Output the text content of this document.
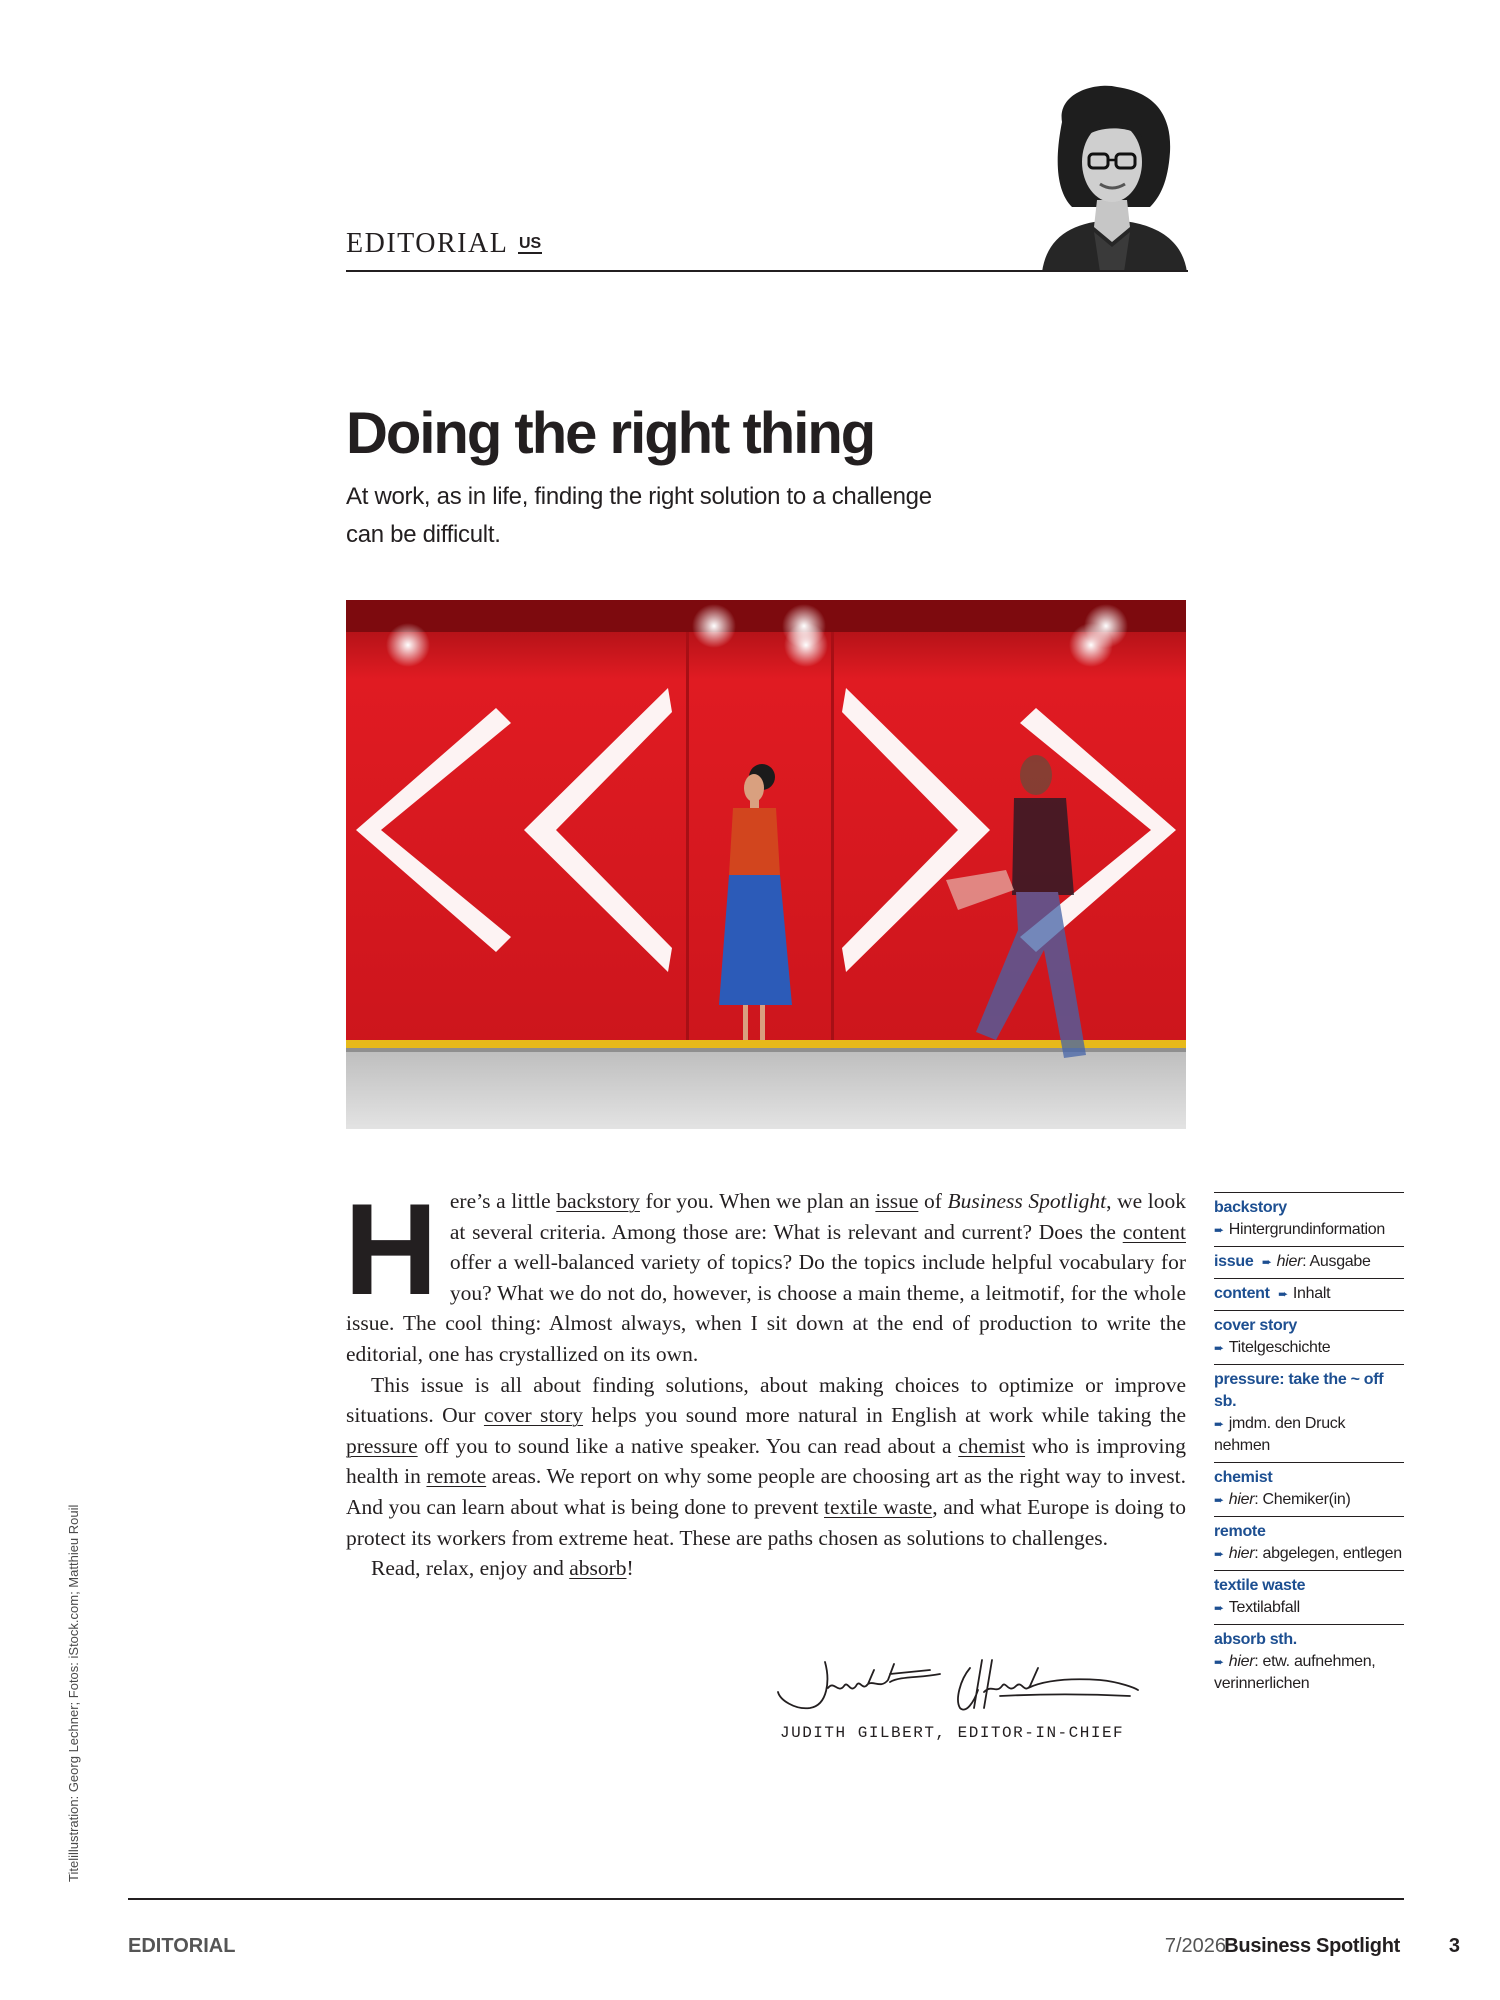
EDITORIAL US
Doing the right thing

At work, as in life, finding the right solution to a challenge can be difficult.

Here’s a little backstory for you. When we plan an issue of Business Spotlight, we look at several criteria. Among those are: What is relevant and current? Does the content offer a well-balanced variety of topics? Do the topics include helpful vocabulary for you? What we do not do, however, is choose a main theme, a leitmotif, for the whole issue. The cool thing: Almost always, when I sit down at the end of production to write the editorial, one has crystallized on its own.

This issue is all about finding solutions, about making choices to optimize or improve situations. Our cover story helps you sound more natural in English at work while taking the pressure off you to sound like a native speaker. You can read about a chemist who is improving health in remote areas. We report on why some people are choosing art as the right way to invest. And you can learn about what is being done to prevent textile waste, and what Europe is doing to protect its workers from extreme heat. These are paths chosen as solutions to challenges.

Read, relax, enjoy and absorb!

JUDITH GILBERT, EDITOR-IN-CHIEF
backstory
➨ Hintergrundinformation
issue ➨ hier: Ausgabe
content ➨ Inhalt
cover story
➨ Titelgeschichte
pressure: take the ~ off sb.
➨ jmdm. den Druck nehmen
chemist
➨ hier: Chemiker(in)
remote
➨ hier: abgelegen, entlegen
textile waste
➨ Textilabfall
absorb sth.
➨ hier: etw. aufnehmen, verinnerlichen
Titelillustration: Georg Lechner; Fotos: iStock.com; Matthieu Rouil
EDITORIAL	7/2026
Business Spotlight 3
